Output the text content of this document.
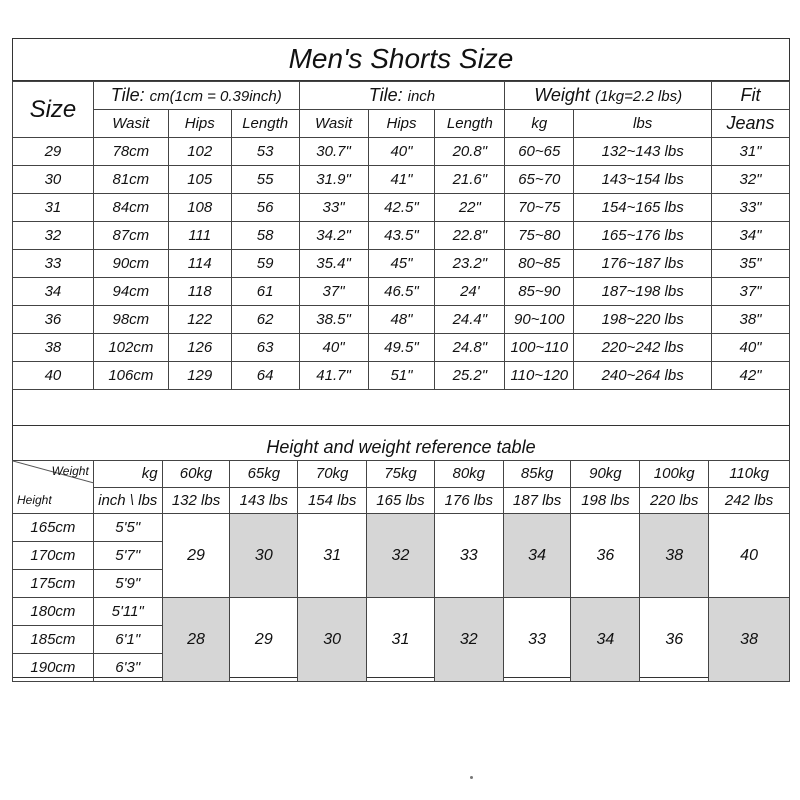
Men's Shorts Size
Size	Tile: cm(1cm = 0.39inch)			Tile: inch			Weight (1kg=2.2 lbs)		Fit
	Wasit	Hips	Length	Wasit	Hips	Length	kg	lbs	Jeans
29	78cm	102	53	30.7"	40"	20.8"	60~65	132~143 lbs	31"
30	81cm	105	55	31.9"	41"	21.6"	65~70	143~154 lbs	32"
31	84cm	108	56	33"	42.5"	22"	70~75	154~165 lbs	33"
32	87cm	111	58	34.2"	43.5"	22.8"	75~80	165~176 lbs	34"
33	90cm	114	59	35.4"	45"	23.2"	80~85	176~187 lbs	35"
34	94cm	118	61	37"	46.5"	24'	85~90	187~198 lbs	37"
36	98cm	122	62	38.5"	48"	24.4"	90~100	198~220 lbs	38"
38	102cm	126	63	40"	49.5"	24.8"	100~110	220~242 lbs	40"
40	106cm	129	64	41.7"	51"	25.2"	110~120	240~264 lbs	42"
Height and weight reference table
Weight
Height	kg	60kg	65kg	70kg	75kg	80kg	85kg	90kg	100kg	110kg
	inch \ lbs	132 lbs	143 lbs	154 lbs	165 lbs	176 lbs	187 lbs	198 lbs	220 lbs	242 lbs
165cm	5'5"	29	30	31	32	33	34	36	38	40
170cm	5'7"									
175cm	5'9"									
180cm	5'11"	28	29	30	31	32	33	34	36	38
185cm	6'1"									
190cm	6'3"									
